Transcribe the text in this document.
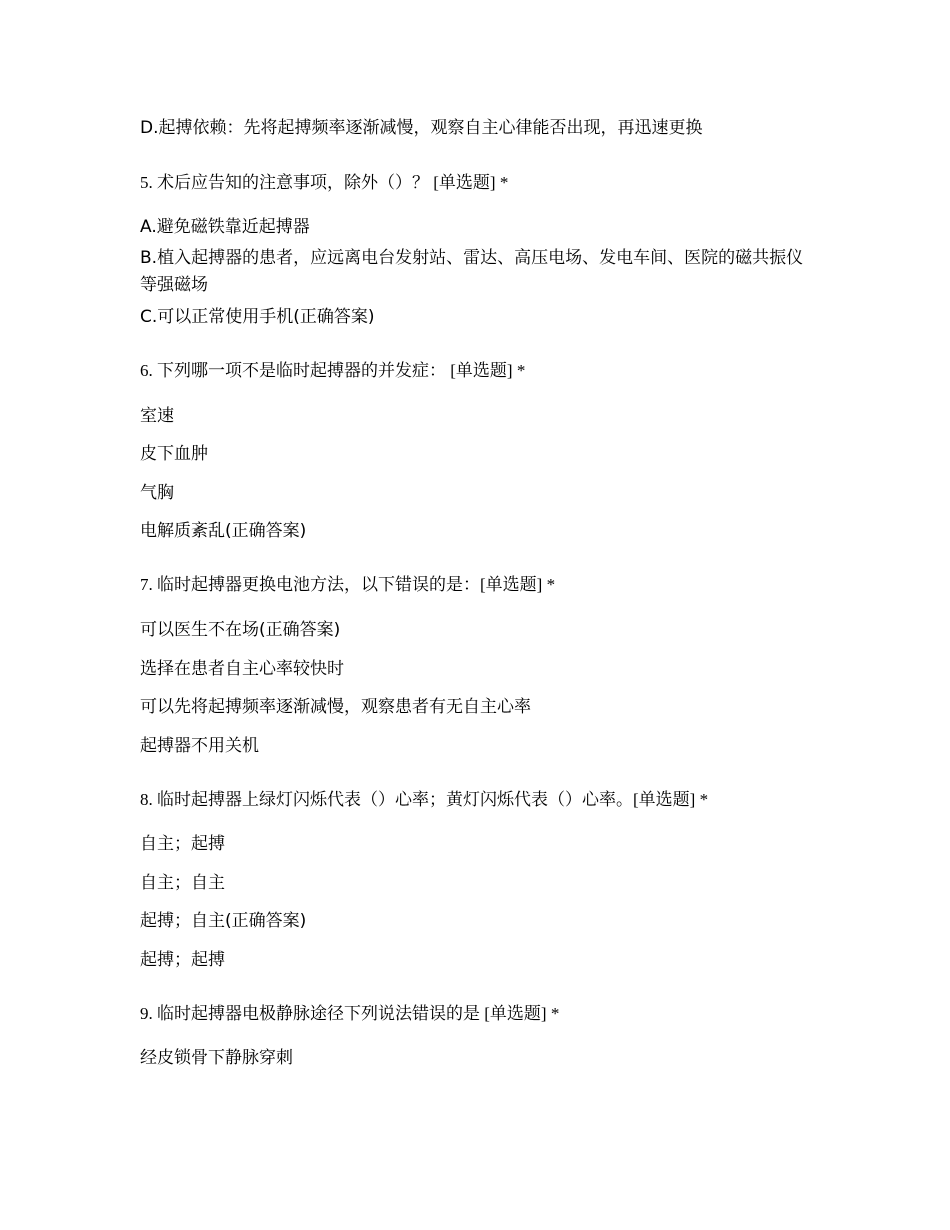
D.起搏依赖：先将起搏频率逐渐减慢，观察自主心律能否出现，再迅速更换
5. 术后应告知的注意事项，除外（）？ [单选题] *
A.避免磁铁靠近起搏器
B.植入起搏器的患者，应远离电台发射站、雷达、高压电场、发电车间、医院的磁共振仪等强磁场
C.可以正常使用手机(正确答案)
6. 下列哪一项不是临时起搏器的并发症： [单选题] *
室速
皮下血肿
气胸
电解质紊乱(正确答案)
7. 临时起搏器更换电池方法，以下错误的是：[单选题] *
可以医生不在场(正确答案)
选择在患者自主心率较快时
可以先将起搏频率逐渐减慢，观察患者有无自主心率
起搏器不用关机
8. 临时起搏器上绿灯闪烁代表（）心率；黄灯闪烁代表（）心率。[单选题] *
自主；起搏
自主；自主
起搏；自主(正确答案)
起搏；起搏
9. 临时起搏器电极静脉途径下列说法错误的是 [单选题] *
经皮锁骨下静脉穿刺
